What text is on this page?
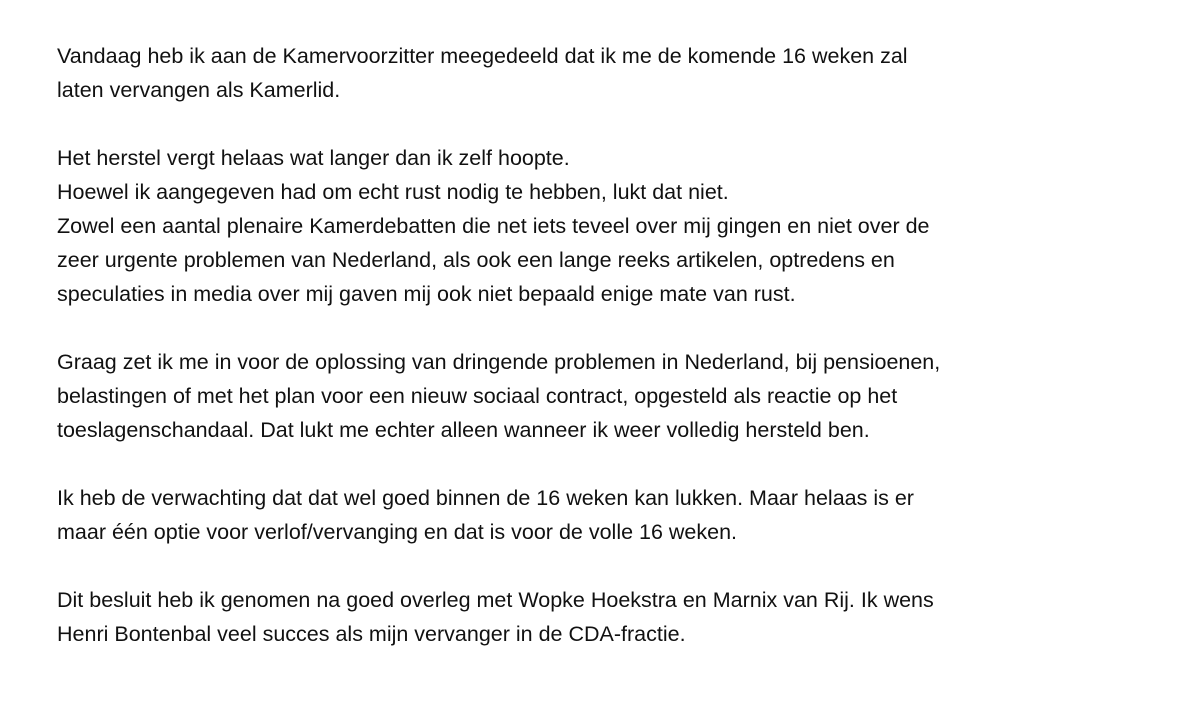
Vandaag heb ik aan de Kamervoorzitter meegedeeld dat ik me de komende 16 weken zal
laten vervangen als Kamerlid.

Het herstel vergt helaas wat langer dan ik zelf hoopte.
Hoewel ik aangegeven had om echt rust nodig te hebben, lukt dat niet.
Zowel een aantal plenaire Kamerdebatten die net iets teveel over mij gingen en niet over de
zeer urgente problemen van Nederland, als ook een lange reeks artikelen, optredens en
speculaties in media over mij gaven mij ook niet bepaald enige mate van rust.

Graag zet ik me in voor de oplossing van dringende problemen in Nederland, bij pensioenen,
belastingen of met het plan voor een nieuw sociaal contract, opgesteld als reactie op het
toeslagenschandaal. Dat lukt me echter alleen wanneer ik weer volledig hersteld ben.

Ik heb de verwachting dat dat wel goed binnen de 16 weken kan lukken. Maar helaas is er
maar één optie voor verlof/vervanging en dat is voor de volle 16 weken.

Dit besluit heb ik genomen na goed overleg met Wopke Hoekstra en Marnix van Rij. Ik wens
Henri Bontenbal veel succes als mijn vervanger in de CDA-fractie.
